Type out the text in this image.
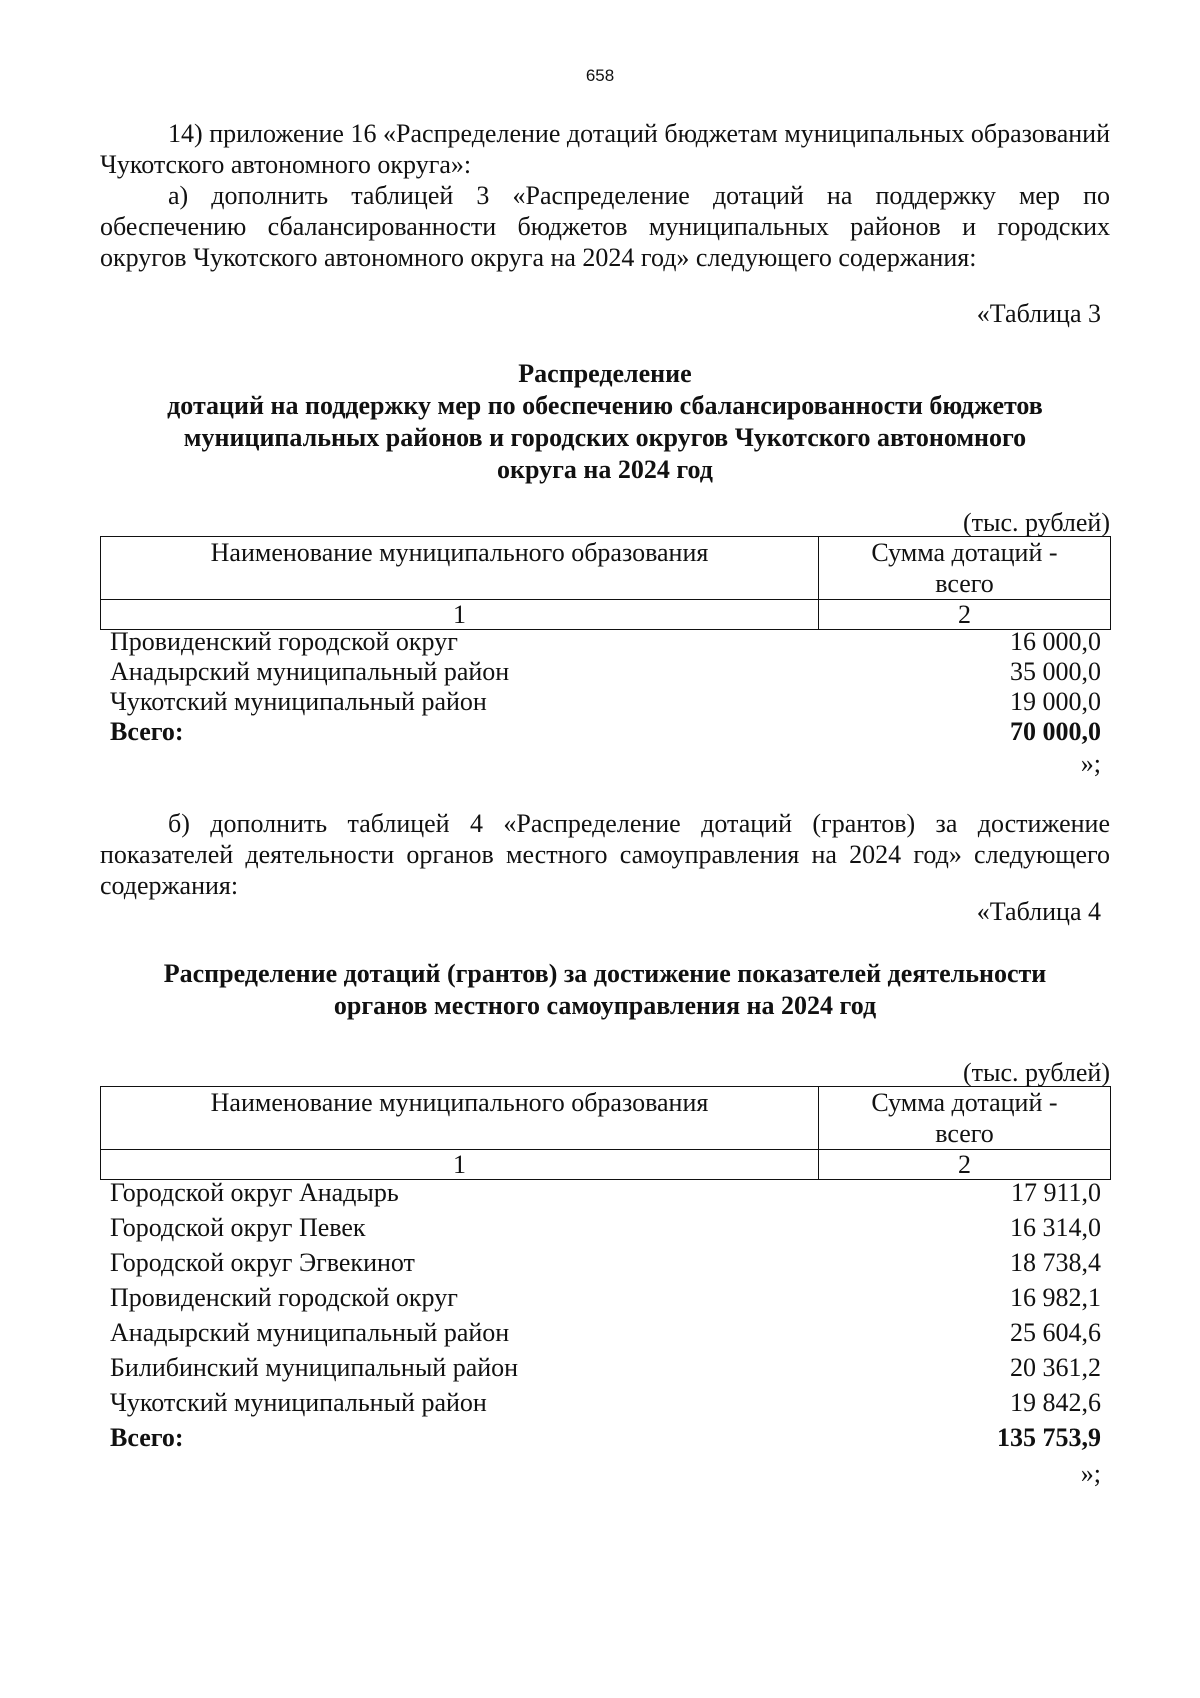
658
14) приложение 16 «Распределение дотаций бюджетам муниципальных образований Чукотского автономного округа»:
а) дополнить таблицей 3 «Распределение дотаций на поддержку мер по обеспечению сбалансированности бюджетов муниципальных районов и городских округов Чукотского автономного округа на 2024 год» следующего содержания:
«Таблица 3
Распределение
дотаций на поддержку мер по обеспечению сбалансированности бюджетов
муниципальных районов и городских округов Чукотского автономного
округа на 2024 год
(тыс. рублей)
Наименование муниципального образования	Сумма дотаций -
всего

1	2
Провиденский городской округ	16 000,0
Анадырский муниципальный район	35 000,0
Чукотский муниципальный район	19 000,0
Всего:	70 000,0
»;
б) дополнить таблицей 4 «Распределение дотаций (грантов) за достижение показателей деятельности органов местного самоуправления на 2024 год» следующего содержания:
«Таблица 4
Распределение дотаций (грантов) за достижение показателей деятельности
органов местного самоуправления на 2024 год
(тыс. рублей)
Наименование муниципального образования	Сумма дотаций -
всего

1	2
Городской округ Анадырь	17 911,0
Городской округ Певек	16 314,0
Городской округ Эгвекинот	18 738,4
Провиденский городской округ	16 982,1
Анадырский муниципальный район	25 604,6
Билибинский муниципальный район	20 361,2
Чукотский муниципальный район	19 842,6
Всего:	135 753,9
»;
